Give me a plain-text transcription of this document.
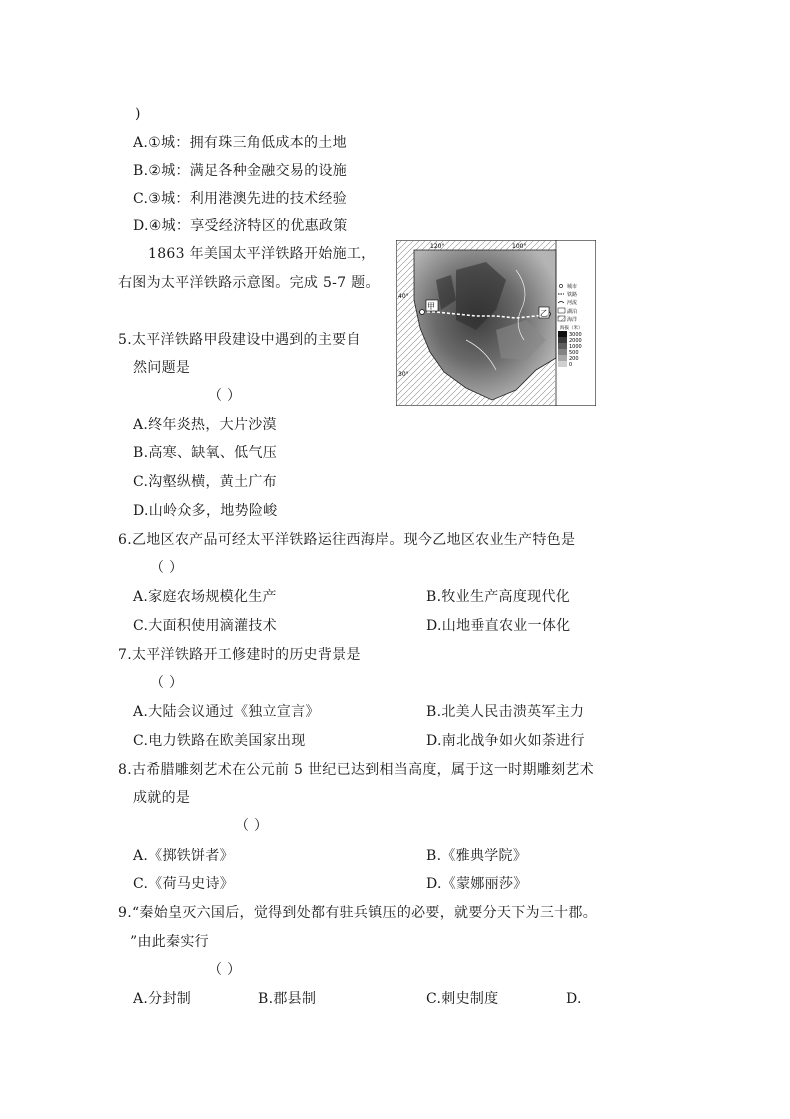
)
A.①城：拥有珠三角低成本的土地
B.②城：满足各种金融交易的设施
C.③城：利用港澳先进的技术经验
D.④城：享受经济特区的优惠政策
1863 年美国太平洋铁路开始施工，
右图为太平洋铁路示意图。完成 5-7 题。
甲
乙
120°	100°
40°
30°
城市
铁路
河流
湖泊
海洋
海拔（米）
3000
2000
1000
500
200
0
5.太平洋铁路甲段建设中遇到的主要自
然问题是
（ ）
A.终年炎热，大片沙漠
B.高寒、缺氧、低气压
C.沟壑纵横，黄土广布
D.山岭众多，地势险峻
6.乙地区农产品可经太平洋铁路运往西海岸。现今乙地区农业生产特色是
（ ）
A.家庭农场规模化生产	B.牧业生产高度现代化
C.大面积使用滴灌技术	D.山地垂直农业一体化
7.太平洋铁路开工修建时的历史背景是
（ ）
A.大陆会议通过《独立宣言》	B.北美人民击溃英军主力
C.电力铁路在欧美国家出现	D.南北战争如火如荼进行
8.古希腊雕刻艺术在公元前 5 世纪已达到相当高度，属于这一时期雕刻艺术
成就的是
（ ）
A.《掷铁饼者》	B.《雅典学院》
C.《荷马史诗》	D.《蒙娜丽莎》
9.“秦始皇灭六国后，觉得到处都有驻兵镇压的必要，就要分天下为三十郡。
”由此秦实行
（ ）
A.分封制	B.郡县制	C.刺史制度	D.
